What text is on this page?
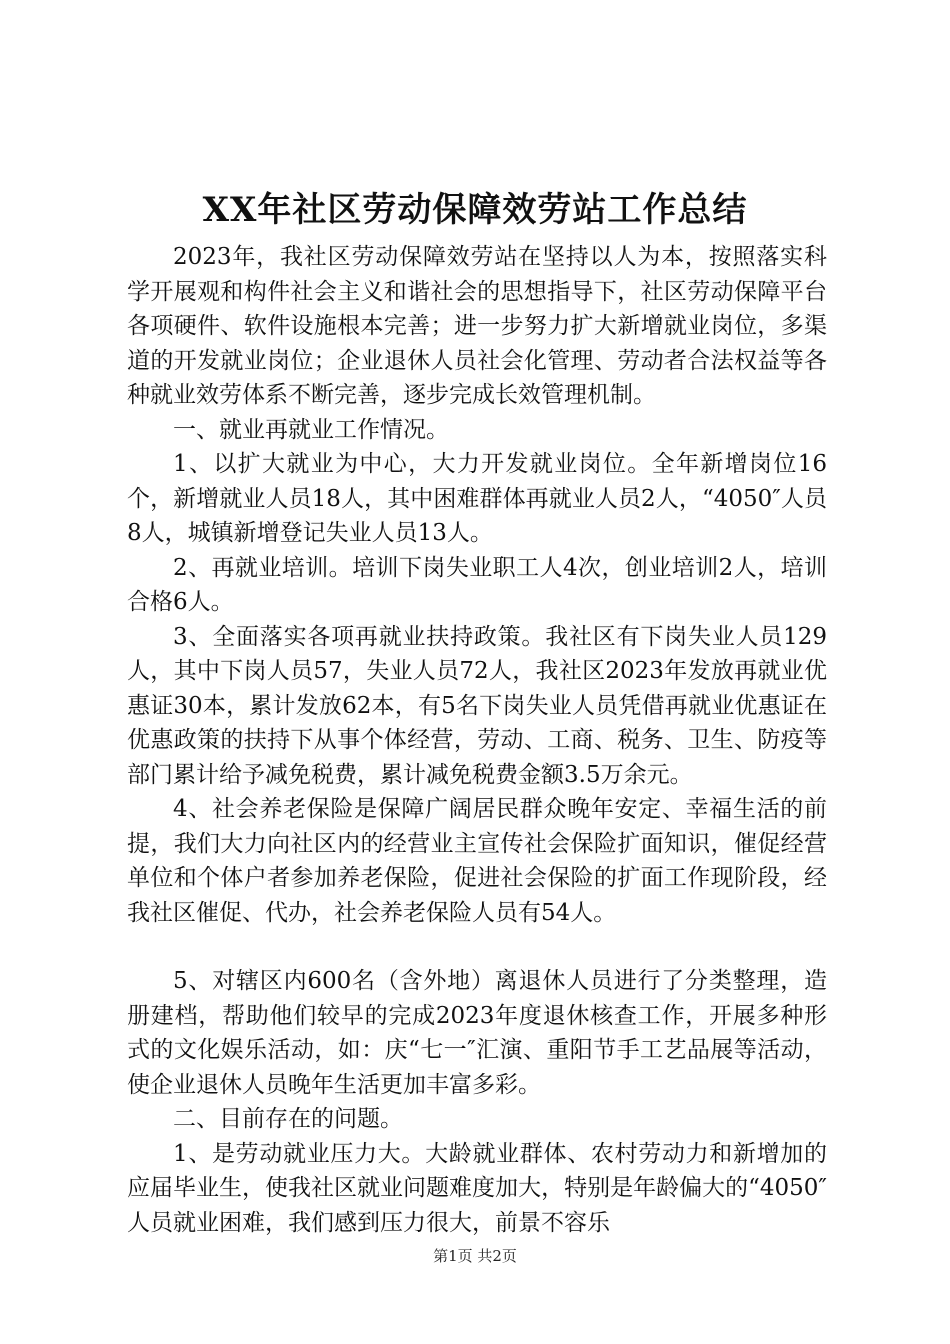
XX年社区劳动保障效劳站工作总结

2023年，我社区劳动保障效劳站在坚持以人为本，按照落实科学开展观和构件社会主义和谐社会的思想指导下，社区劳动保障平台各项硬件、软件设施根本完善；进一步努力扩大新增就业岗位，多渠道的开发就业岗位；企业退休人员社会化管理、劳动者合法权益等各种就业效劳体系不断完善，逐步完成长效管理机制。

一、就业再就业工作情况。

1、以扩大就业为中心，大力开发就业岗位。全年新增岗位16个，新增就业人员18人，其中困难群体再就业人员2人，“4050″人员8人，城镇新增登记失业人员13人。

2、再就业培训。培训下岗失业职工人4次，创业培训2人，培训合格6人。

3、全面落实各项再就业扶持政策。我社区有下岗失业人员129人，其中下岗人员57，失业人员72人，我社区2023年发放再就业优惠证30本，累计发放62本，有5名下岗失业人员凭借再就业优惠证在优惠政策的扶持下从事个体经营，劳动、工商、税务、卫生、防疫等部门累计给予减免税费，累计减免税费金额3.5万余元。

4、社会养老保险是保障广阔居民群众晚年安定、幸福生活的前提，我们大力向社区内的经营业主宣传社会保险扩面知识，催促经营单位和个体户者参加养老保险，促进社会保险的扩面工作现阶段，经我社区催促、代办，社会养老保险人员有54人。

5、对辖区内600名（含外地）离退休人员进行了分类整理，造册建档，帮助他们较早的完成2023年度退休核查工作，开展多种形式的文化娱乐活动，如：庆“七一″汇演、重阳节手工艺品展等活动，使企业退休人员晚年生活更加丰富多彩。

二、目前存在的问题。

1、是劳动就业压力大。大龄就业群体、农村劳动力和新增加的应届毕业生，使我社区就业问题难度加大，特别是年龄偏大的“4050″人员就业困难，我们感到压力很大，前景不容乐

第1页 共2页
